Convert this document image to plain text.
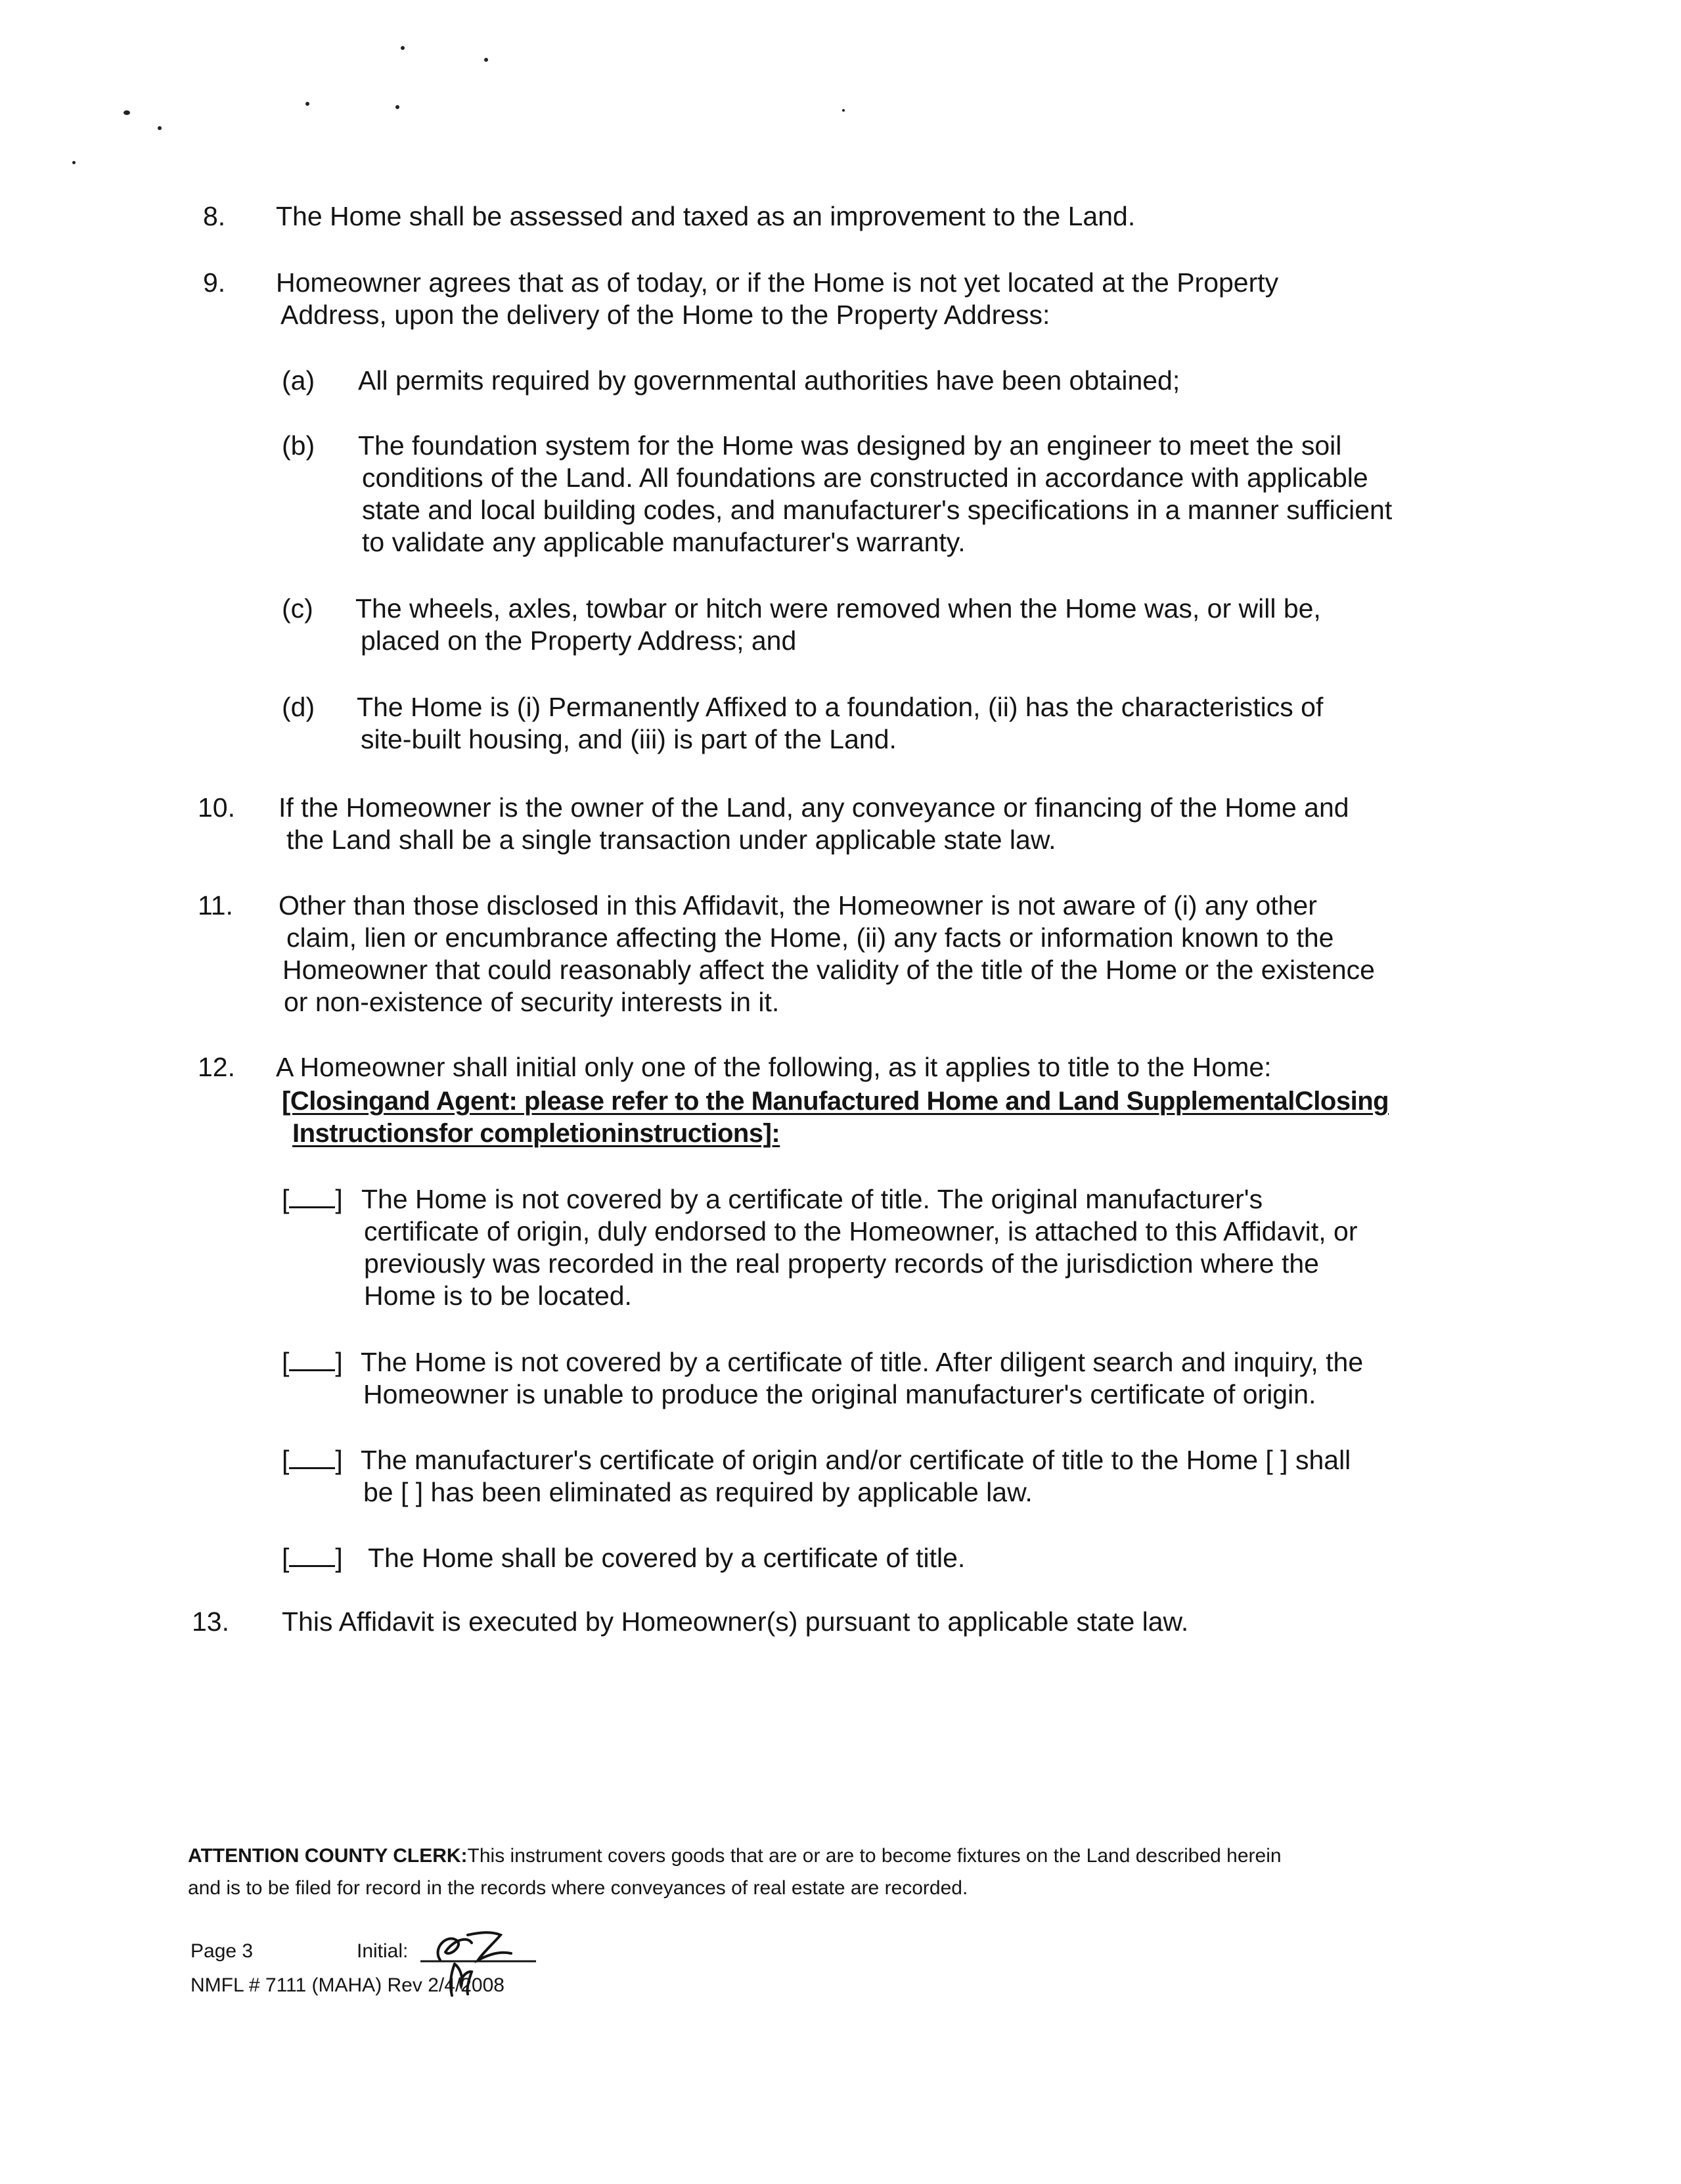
8. The Home shall be assessed and taxed as an improvement to the Land.
9. Homeowner agrees that as of today, or if the Home is not yet located at the Property
Address, upon the delivery of the Home to the Property Address:
(a) All permits required by governmental authorities have been obtained;
(b) The foundation system for the Home was designed by an engineer to meet the soil
conditions of the Land. All foundations are constructed in accordance with applicable
state and local building codes, and manufacturer's specifications in a manner sufficient
to validate any applicable manufacturer's warranty.
(c) The wheels, axles, towbar or hitch were removed when the Home was, or will be,
placed on the Property Address; and
(d) The Home is (i) Permanently Affixed to a foundation, (ii) has the characteristics of
site-built housing, and (iii) is part of the Land.
10. If the Homeowner is the owner of the Land, any conveyance or financing of the Home and
the Land shall be a single transaction under applicable state law.
11. Other than those disclosed in this Affidavit, the Homeowner is not aware of (i) any other
claim, lien or encumbrance affecting the Home, (ii) any facts or information known to the
Homeowner that could reasonably affect the validity of the title of the Home or the existence
or non-existence of security interests in it.
12. A Homeowner shall initial only one of the following, as it applies to title to the Home:
[Closingand Agent: please refer to the Manufactured Home and Land SupplementalClosing
Instructionsfor completioninstructions]:
[ ] The Home is not covered by a certificate of title. The original manufacturer's
certificate of origin, duly endorsed to the Homeowner, is attached to this Affidavit, or
previously was recorded in the real property records of the jurisdiction where the
Home is to be located.
[ ] The Home is not covered by a certificate of title. After diligent search and inquiry, the
Homeowner is unable to produce the original manufacturer's certificate of origin.
[ ] The manufacturer's certificate of origin and/or certificate of title to the Home [ ] shall
be [ ] has been eliminated as required by applicable law.
[ ] The Home shall be covered by a certificate of title.
13. This Affidavit is executed by Homeowner(s) pursuant to applicable state law.
ATTENTION COUNTY CLERK:This instrument covers goods that are or are to become fixtures on the Land described herein
and is to be filed for record in the records where conveyances of real estate are recorded.
Page 3	Initial:
NMFL # 7111 (MAHA) Rev 2/4/2008
